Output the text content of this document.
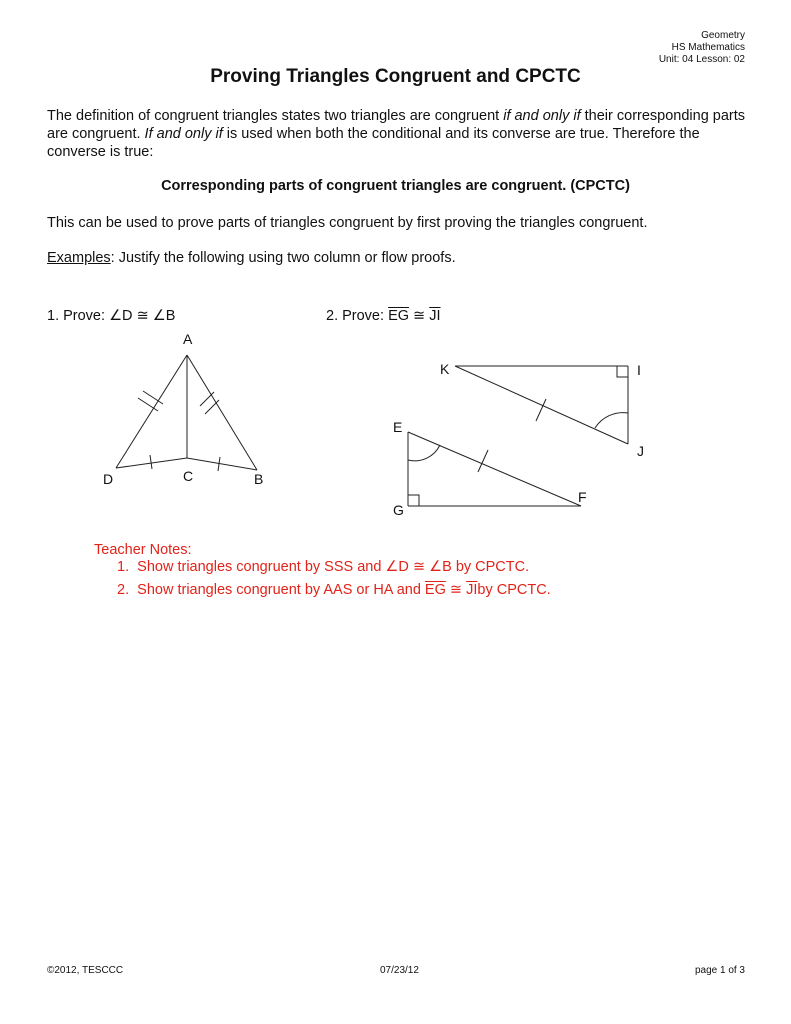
Geometry
HS Mathematics
Unit: 04 Lesson: 02
Proving Triangles Congruent and CPCTC
The definition of congruent triangles states two triangles are congruent if and only if their corresponding parts are congruent. If and only if is used when both the conditional and its converse are true. Therefore the converse is true:
Corresponding parts of congruent triangles are congruent. (CPCTC)
This can be used to prove parts of triangles congruent by first proving the triangles congruent.
Examples: Justify the following using two column or flow proofs.
1. Prove: ∠D ≅ ∠B	2. Prove: $\overline{EG}$ ≅ $\overline{JI}$
A
D	C	B
K	I
J
E
G
F
Teacher Notes:
1. Show triangles congruent by SSS and ∠D ≅ ∠B by CPCTC.
2. Show triangles congruent by AAS or HA and $\overline{EG}$ ≅ $\overline{JI}by$ CPCTC.
©2012, TESCCC	07/23/12	page 1 of 3
